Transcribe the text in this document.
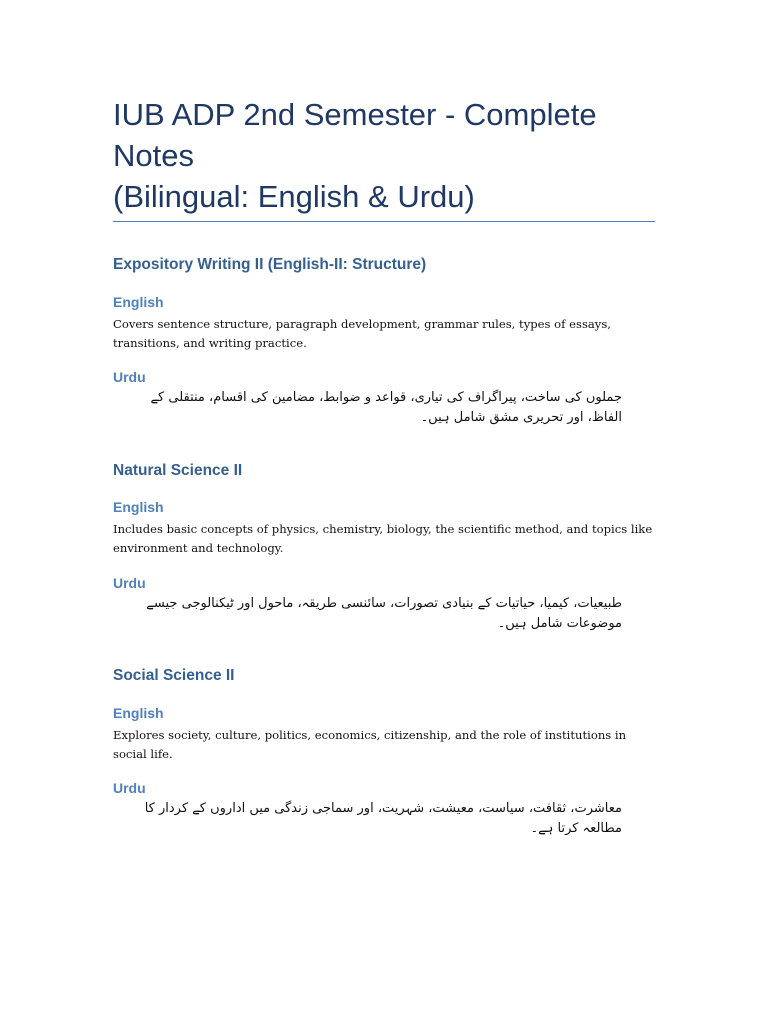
IUB ADP 2nd Semester - Complete
Notes
(Bilingual: English & Urdu)
Expository Writing II (English-II: Structure)
English

Covers sentence structure, paragraph development, grammar rules, types of essays, transitions, and writing practice.

Urdu

جملوں کی ساخت، پیراگراف کی تیاری، قواعد و ضوابط، مضامین کی اقسام، منتقلی کے
الفاظ، اور تحریری مشق شامل ہیں۔

Natural Science II
English

Includes basic concepts of physics, chemistry, biology, the scientific method, and topics like environment and technology.

Urdu

طبیعیات، کیمیا، حیاتیات کے بنیادی تصورات، سائنسی طریقہ، ماحول اور ٹیکنالوجی جیسے
موضوعات شامل ہیں۔

Social Science II
English

Explores society, culture, politics, economics, citizenship, and the role of institutions in social life.

Urdu

معاشرت، ثقافت، سیاست، معیشت، شہریت، اور سماجی زندگی میں اداروں کے کردار کا
مطالعہ کرتا ہے۔
